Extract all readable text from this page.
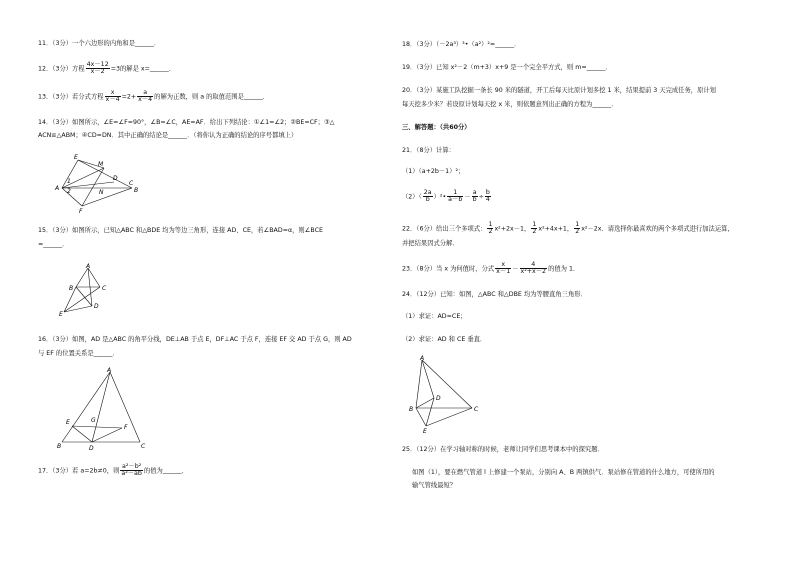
11．（3分）一个六边形的内角和是______．
12．（3分）方程 $\frac{4x-12}{x-2} =3$的解是 x=______．
13．（3分）若分式方程 $\frac{x}{x-4} =2+ \frac{a}{x-4}$ 的解为正数，则 a 的取值范围是______．
14．（3分）如图所示，∠E=∠F=90°，∠B=∠C，AE=AF．给出下列结论：①∠1=∠2；②BE=CF；③△
ACN≌△ABM；④CD=DN．其中正确的结论是______．（将你认为正确的结论的序号都填上）
E
M
A
1
2
D
C
B
N
F
15．（3分）如图所示，已知△ABC 和△BDE 均为等边三角形，连接 AD、CE，若∠BAD=α，则∠BCE
=______．
A
B	C
D
E
16．（3分）如图，AD 是△ABC 的角平分线，DE⊥AB 于点 E，DF⊥AC 于点 F，连接 EF 交 AD 于点 G，则 AD
与 EF 的位置关系是______．
A
E	G
F
B	D	C
17．（3分）若 a=2b≠0，则 $\frac{\text{a²－b²}}{\text{a²－ab}}$ 的值为______．
18．（3分）（－2a³）³•（a²）²=______．
19．（3分）已知 x²－2（m+3）x+9 是一个完全平方式，则 m=______．
20．（3分）某施工队挖掘一条长 90 米的隧道，开工后每天比原计划多挖 1 米，结果提前 3 天完成任务，原计划
每天挖多少米？若设原计划每天挖 x 米，则依题意列出正确的方程为______．
三、解答题：（共60分）
21．（8分）计算：
（1）（a+2b－1）²；
$(2)( \frac{2a}{b}$ ）²• $\frac{1}{a-b} - \frac{a}{b} \div \frac{b}{4}$
22．（6分）给出三个多项式： $\frac{1}{2} x^2+2x-1$， $\frac{1}{2} x^2+4x+1$， $\frac{1}{2} x^2-2x$．请选择你最喜欢的两个多项式进行加法运算，
并把结果因式分解．
23．（8分）当 x 为何值时，分式 $\frac{x}{x-1} - \frac{4}{\text{x²+x－2}}$ 的值为 1．
24．（12分）已知：如图，△ABC 和△DBE 均为等腰直角三角形．
（1）求证：AD=CE；
（2）求证：AD 和 CE 垂直．
A
D
B	C
E
25．（12分）在学习轴对称的时候，老师让同学们思考课本中的探究题．
如图（1），要在燃气管道 l 上修建一个泵站，分别向 A、B 两镇供气．泵站修在管道的什么地方，可使所用的
输气管线最短？
